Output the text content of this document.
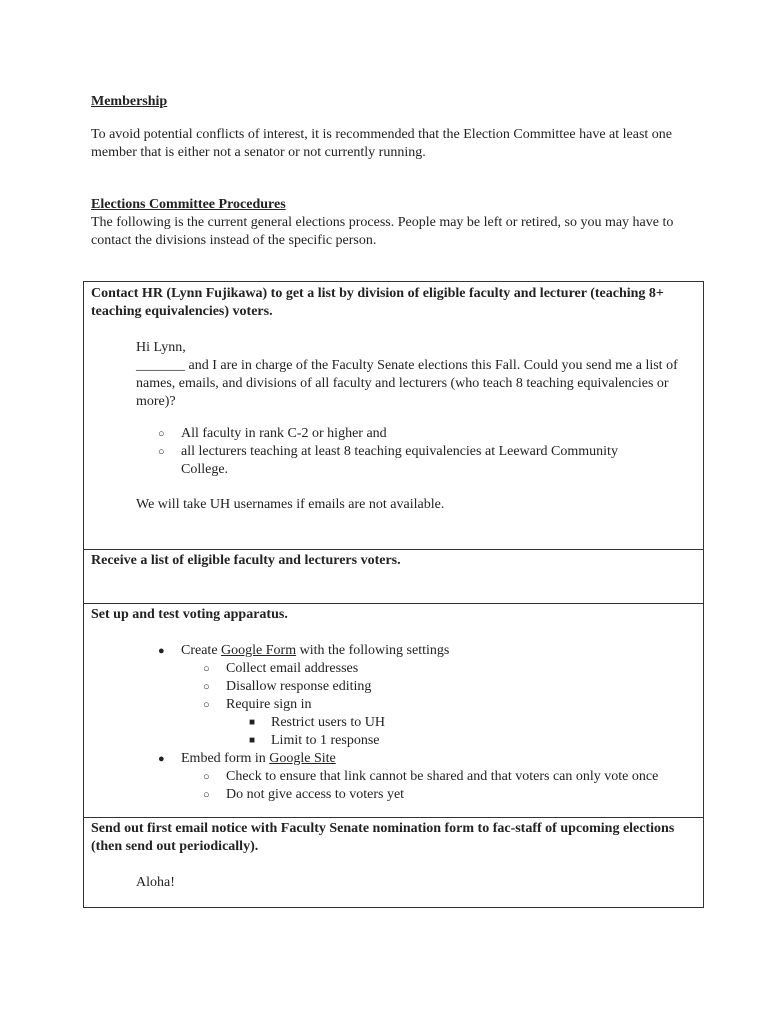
Membership
To avoid potential conflicts of interest, it is recommended that the Election Committee have at least one member that is either not a senator or not currently running.
Elections Committee Procedures
The following is the current general elections process. People may be left or retired, so you may have to contact the divisions instead of the specific person.
Contact HR (Lynn Fujikawa) to get a list by division of eligible faculty and lecturer (teaching 8+ teaching equivalencies) voters.
Hi Lynn,
_______ and I are in charge of the Faculty Senate elections this Fall. Could you send me a list of names, emails, and divisions of all faculty and lecturers (who teach 8 teaching equivalencies or more)?
○ All faculty in rank C-2 or higher and
○ all lecturers teaching at least 8 teaching equivalencies at Leeward Community College.
We will take UH usernames if emails are not available.
Receive a list of eligible faculty and lecturers voters.
Set up and test voting apparatus.
● Create Google Form with the following settings
○ Collect email addresses
○ Disallow response editing
○ Require sign in
■ Restrict users to UH
■ Limit to 1 response
● Embed form in Google Site
○ Check to ensure that link cannot be shared and that voters can only vote once
○ Do not give access to voters yet
Send out first email notice with Faculty Senate nomination form to fac-staff of upcoming elections (then send out periodically).
Aloha!
